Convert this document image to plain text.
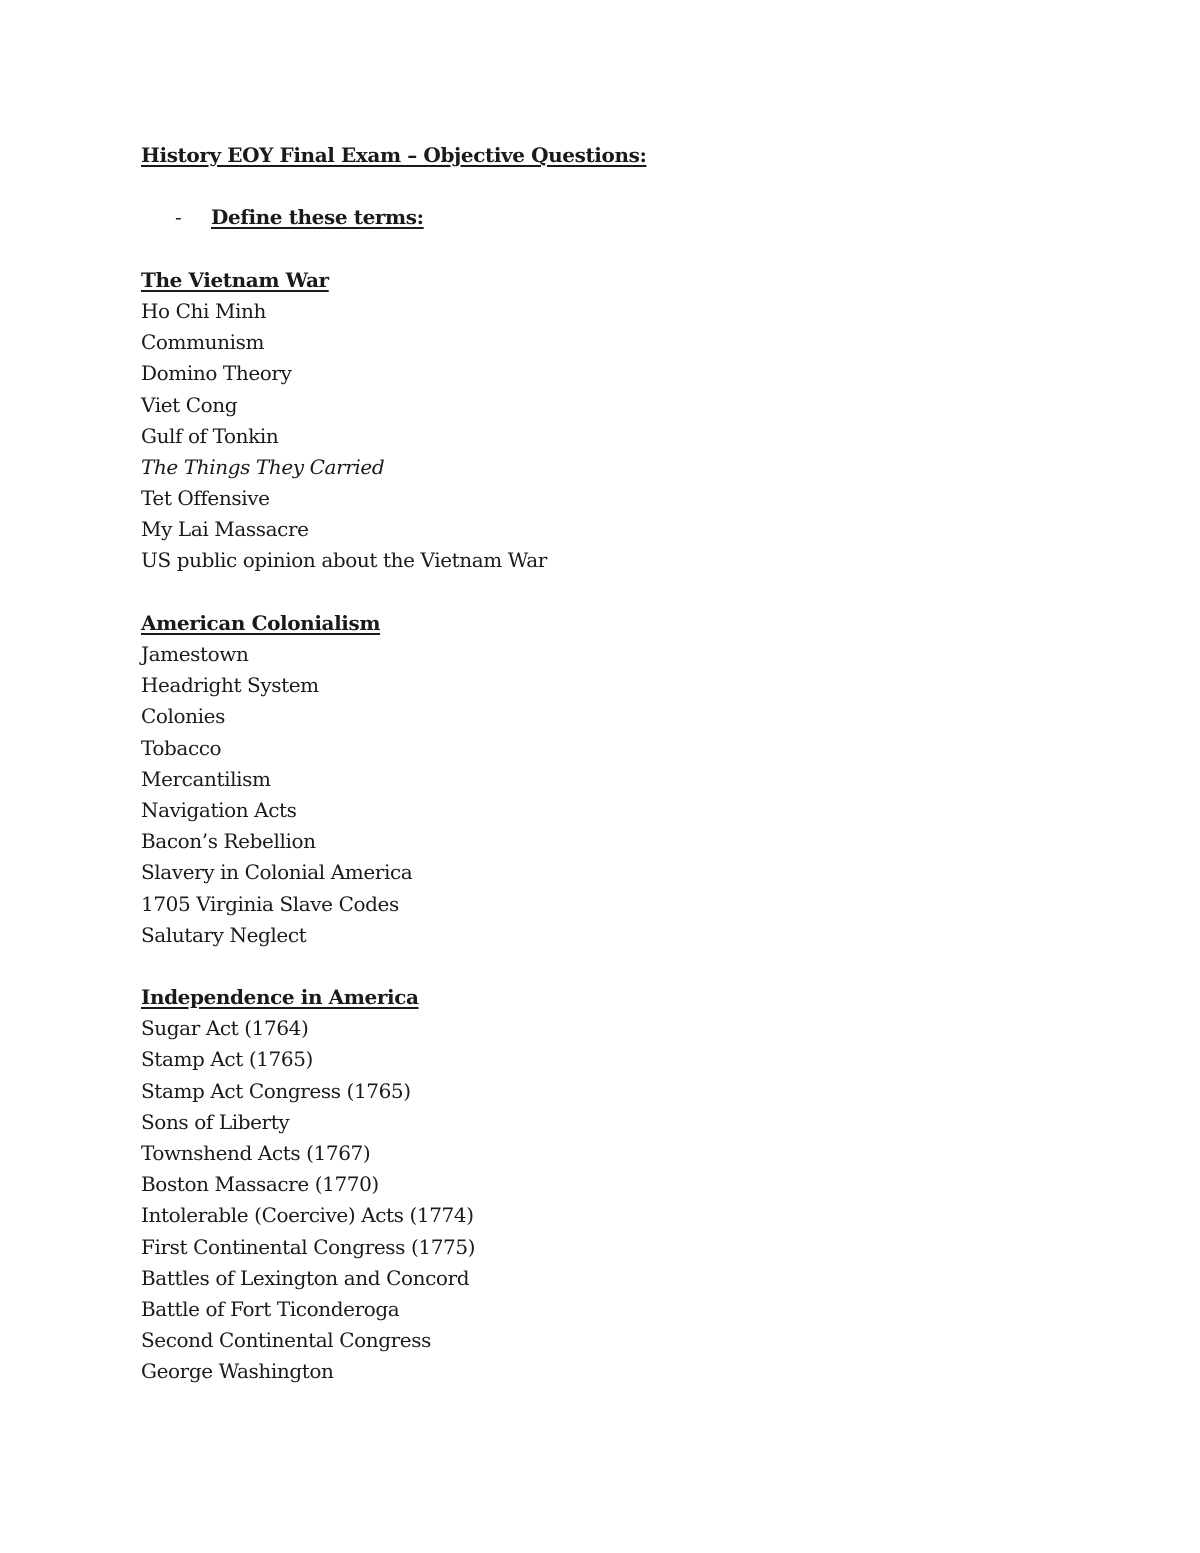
History EOY Final Exam – Objective Questions:
-	Define these terms:
The Vietnam War
Ho Chi Minh
Communism
Domino Theory
Viet Cong
Gulf of Tonkin
The Things They Carried
Tet Offensive
My Lai Massacre
US public opinion about the Vietnam War
American Colonialism
Jamestown
Headright System
Colonies
Tobacco
Mercantilism
Navigation Acts
Bacon’s Rebellion
Slavery in Colonial America
1705 Virginia Slave Codes
Salutary Neglect
Independence in America
Sugar Act (1764)
Stamp Act (1765)
Stamp Act Congress (1765)
Sons of Liberty
Townshend Acts (1767)
Boston Massacre (1770)
Intolerable (Coercive) Acts (1774)
First Continental Congress (1775)
Battles of Lexington and Concord
Battle of Fort Ticonderoga
Second Continental Congress
George Washington
